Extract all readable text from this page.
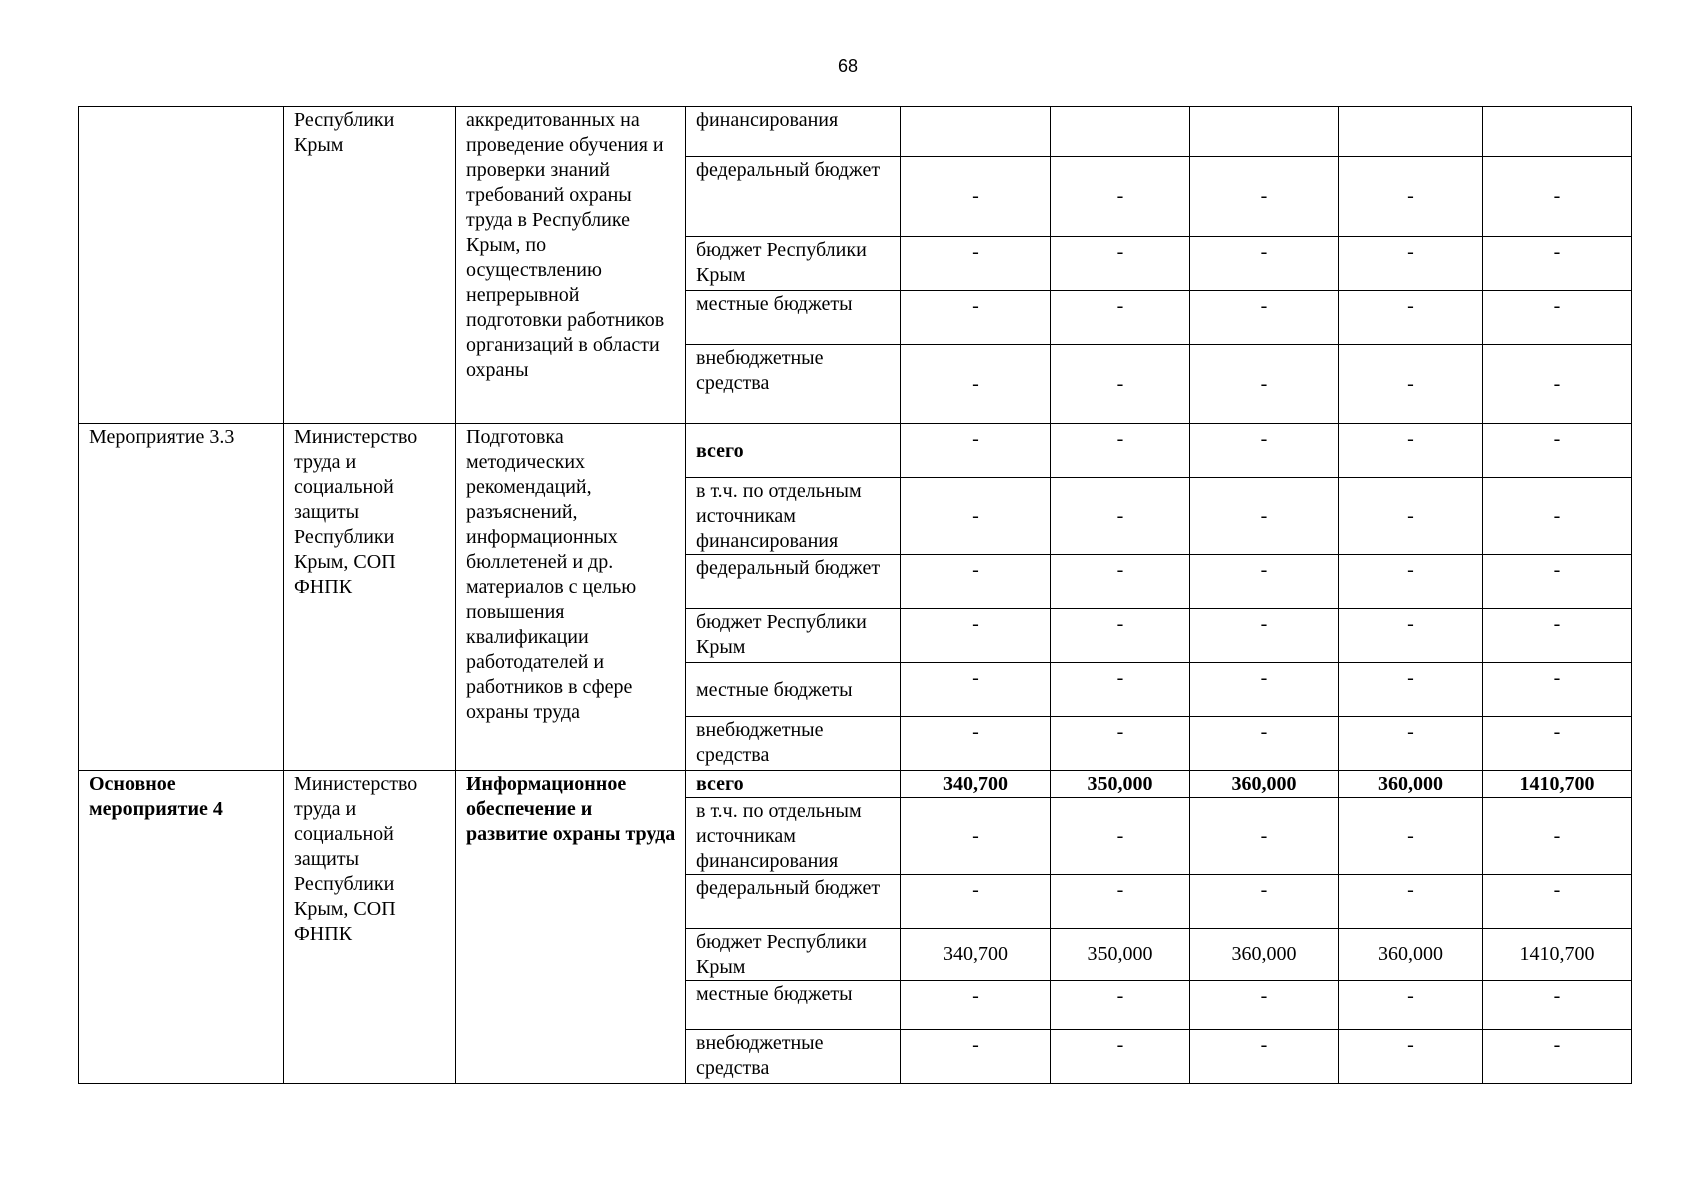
68
	Республики Крым	аккредитованных на проведение обучения и проверки знаний требований охраны труда в Республике Крым, по осуществлению непрерывной подготовки работников организаций в области охраны	финансирования					
			федеральный бюджет	-	-	-	-	-
			бюджет Республики Крым	-	-	-	-	-
			местные бюджеты	-	-	-	-	-
			внебюджетные средства	-	-	-	-	-
Мероприятие 3.3	Министерство труда и социальной защиты Республики Крым, СОП ФНПК	Подготовка методических рекомендаций, разъяснений, информационных бюллетеней и др. материалов с целью повышения квалификации работодателей и работников в сфере охраны труда	всего	-	-	-	-	-
			в т.ч. по отдельным источникам финансирования	-	-	-	-	-
			федеральный бюджет	-	-	-	-	-
			бюджет Республики Крым	-	-	-	-	-
			местные бюджеты	-	-	-	-	-
			внебюджетные средства	-	-	-	-	-
Основное мероприятие 4	Министерство труда и социальной защиты Республики Крым, СОП ФНПК	Информационное обеспечение и развитие охраны труда	всего	340,700	350,000	360,000	360,000	1410,700
			в т.ч. по отдельным источникам финансирования	-	-	-	-	-
			федеральный бюджет	-	-	-	-	-
			бюджет Республики Крым	340,700	350,000	360,000	360,000	1410,700
			местные бюджеты	-	-	-	-	-
			внебюджетные средства	-	-	-	-	-
